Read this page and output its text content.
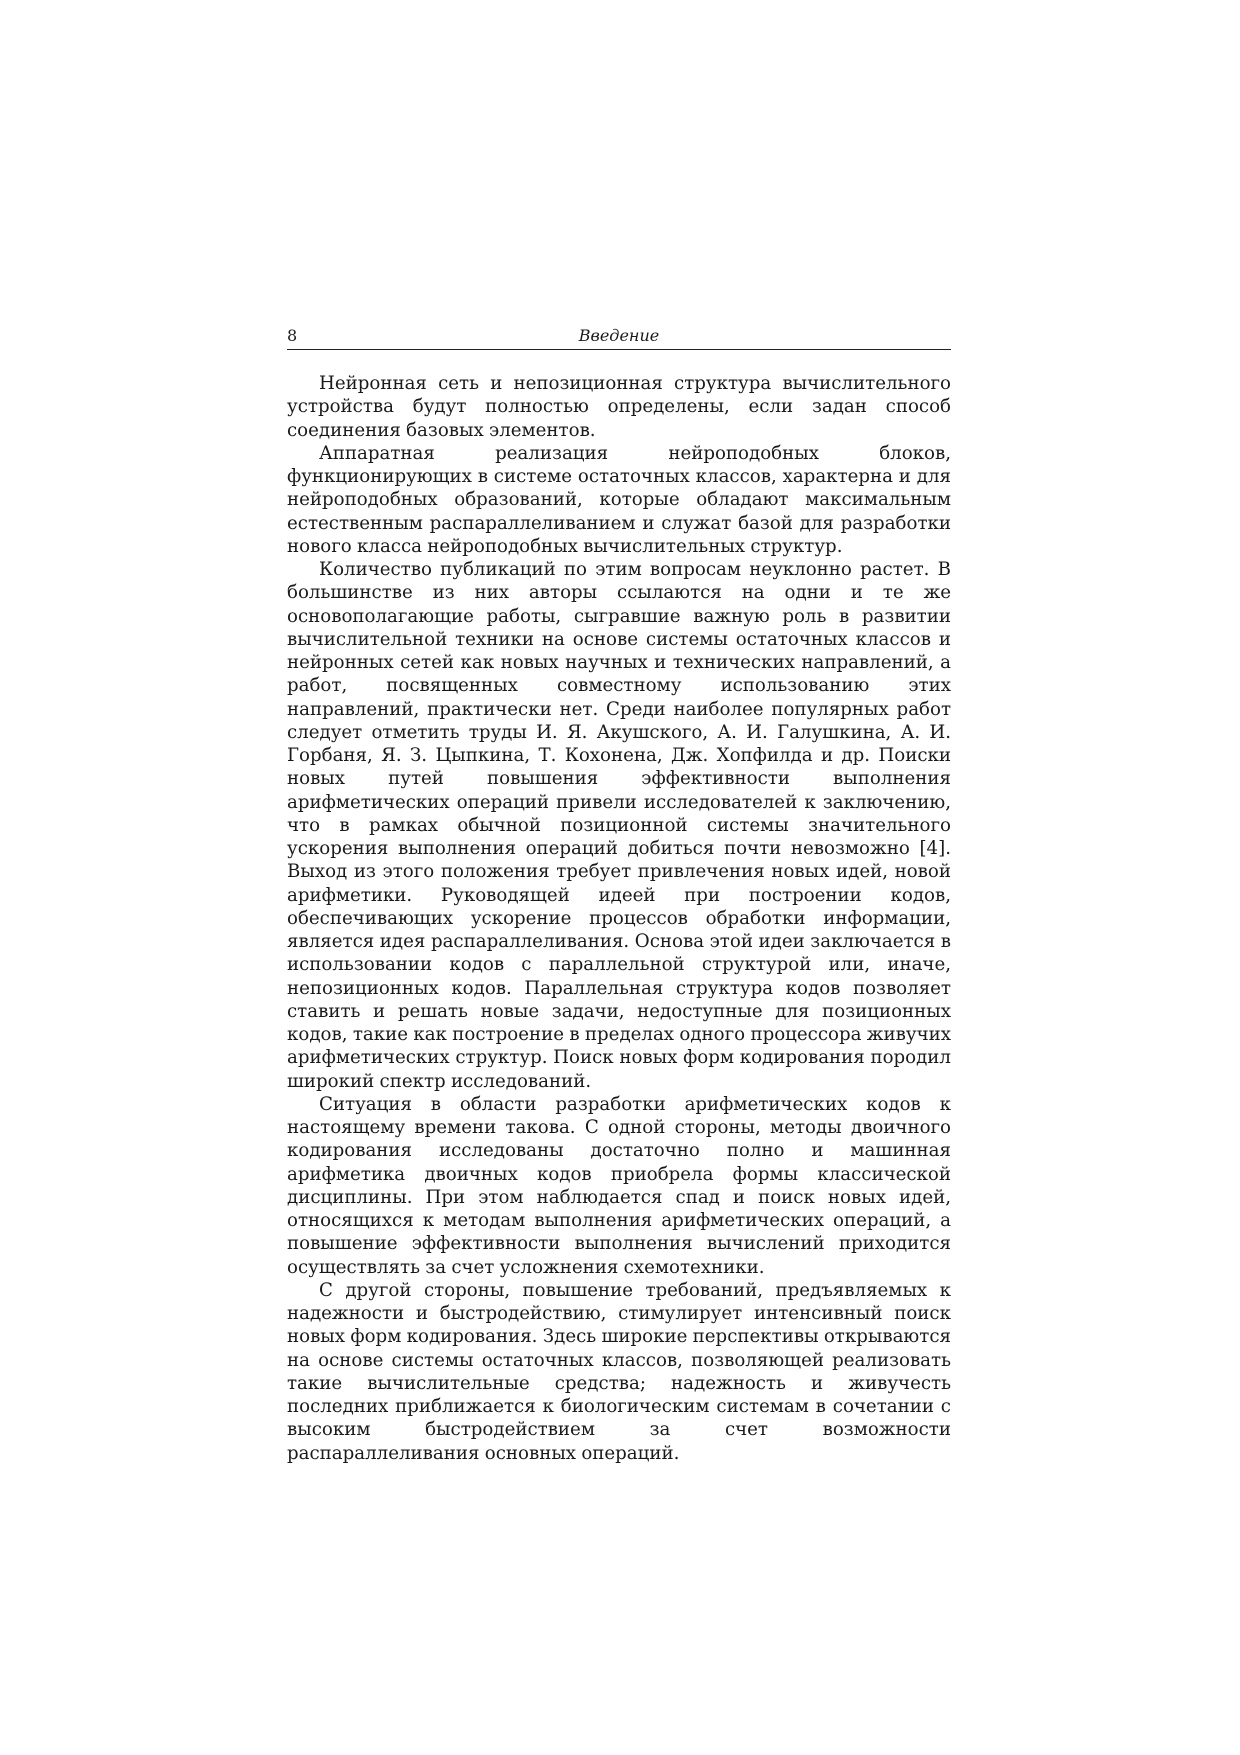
8	Введение

Нейронная сеть и непозиционная структура вычислительного устройства будут полностью определены, если задан способ соединения базовых элементов.

Аппаратная реализация нейроподобных блоков, функционирующих в системе остаточных классов, характерна и для нейроподобных образований, которые обладают максимальным естественным распараллеливанием и служат базой для разработки нового класса нейроподобных вычислительных структур.

Количество публикаций по этим вопросам неуклонно растет. В большинстве из них авторы ссылаются на одни и те же основополагающие работы, сыгравшие важную роль в развитии вычислительной техники на основе системы остаточных классов и нейронных сетей как новых научных и технических направлений, а работ, посвященных совместному использованию этих направлений, практически нет. Среди наиболее популярных работ следует отметить труды И. Я. Акушского, А. И. Галушкина, А. И. Горбаня, Я. З. Цыпкина, Т. Кохонена, Дж. Хопфилда и др. Поиски новых путей повышения эффективности выполнения арифметических операций привели исследователей к заключению, что в рамках обычной позиционной системы значительного ускорения выполнения операций добиться почти невозможно [4]. Выход из этого положения требует привлечения новых идей, новой арифметики. Руководящей идеей при построении кодов, обеспечивающих ускорение процессов обработки информации, является идея распараллеливания. Основа этой идеи заключается в использовании кодов с параллельной структурой или, иначе, непозиционных кодов. Параллельная структура кодов позволяет ставить и решать новые задачи, недоступные для позиционных кодов, такие как построение в пределах одного процессора живучих арифметических структур. Поиск новых форм кодирования породил широкий спектр исследований.

Ситуация в области разработки арифметических кодов к настоящему времени такова. С одной стороны, методы двоичного кодирования исследованы достаточно полно и машинная арифметика двоичных кодов приобрела формы классической дисциплины. При этом наблюдается спад и поиск новых идей, относящихся к методам выполнения арифметических операций, а повышение эффективности выполнения вычислений приходится осуществлять за счет усложнения схемотехники.

С другой стороны, повышение требований, предъявляемых к надежности и быстродействию, стимулирует интенсивный поиск новых форм кодирования. Здесь широкие перспективы открываются на основе системы остаточных классов, позволяющей реализовать такие вычислительные средства; надежность и живучесть последних приближается к биологическим системам в сочетании с высоким быстродействием за счет возможности распараллеливания основных операций.
